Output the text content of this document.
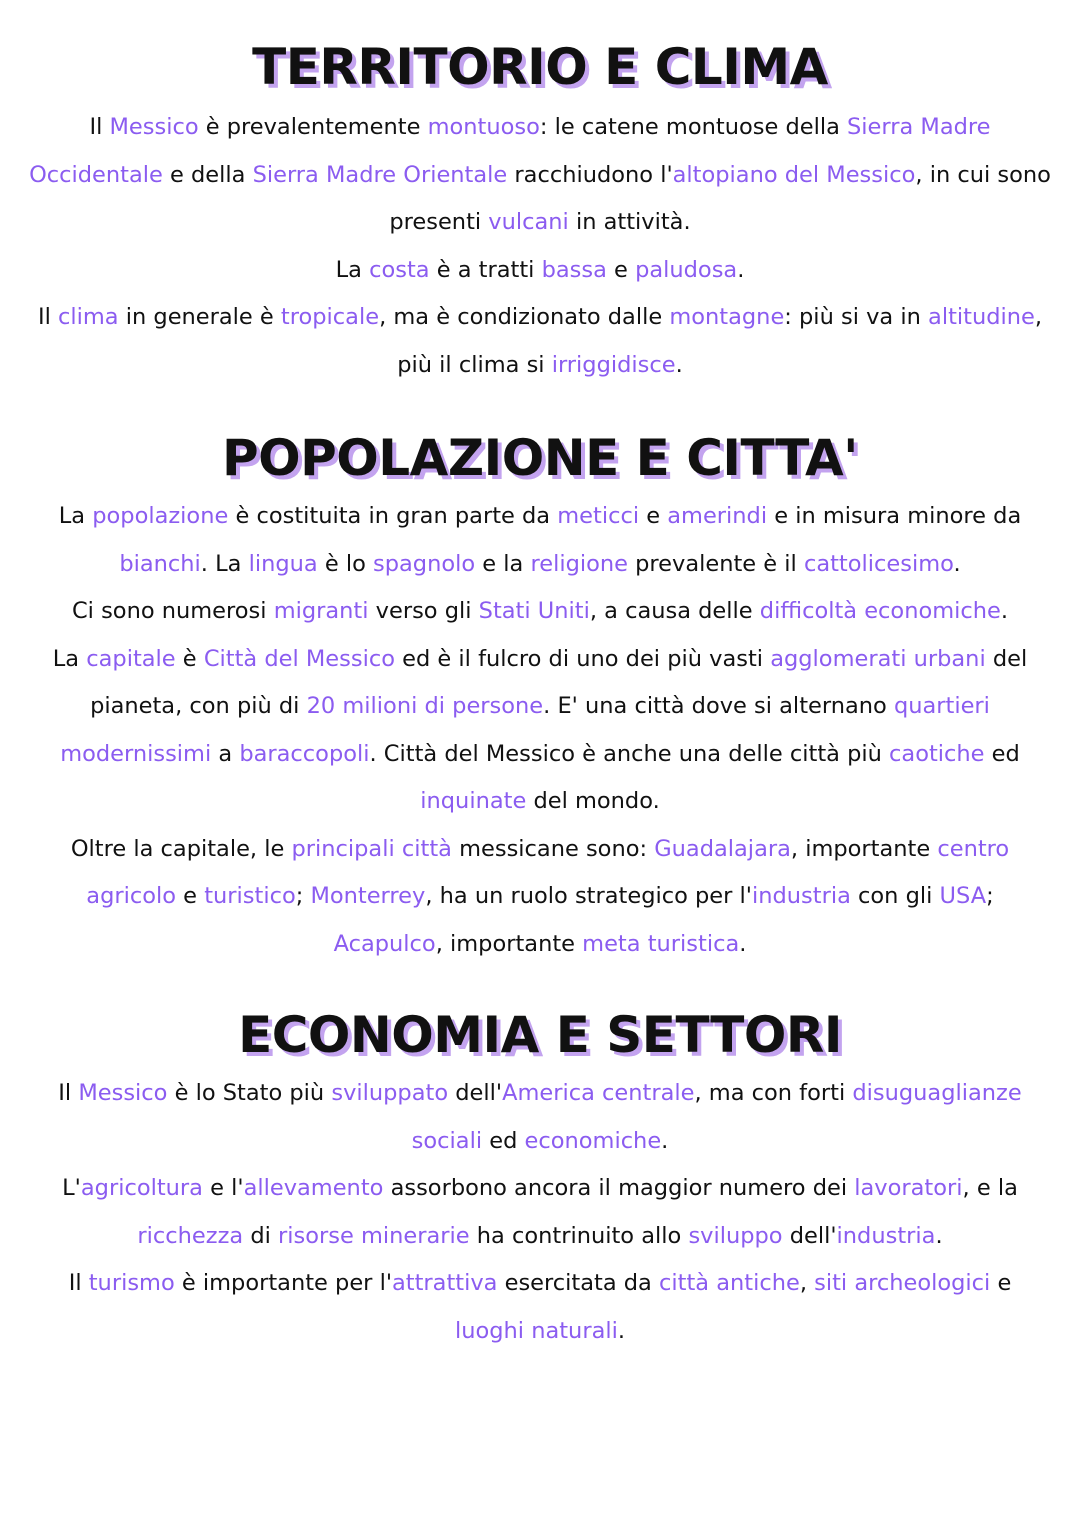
TERRITORIO E CLIMA
Il Messico è prevalentemente montuoso: le catene montuose della Sierra Madre
Occidentale e della Sierra Madre Orientale racchiudono l'altopiano del Messico, in cui sono
presenti vulcani in attività.
La costa è a tratti bassa e paludosa.
Il clima in generale è tropicale, ma è condizionato dalle montagne: più si va in altitudine,
più il clima si irriggidisce.
POPOLAZIONE E CITTA'
La popolazione è costituita in gran parte da meticci e amerindi e in misura minore da
bianchi. La lingua è lo spagnolo e la religione prevalente è il cattolicesimo.
Ci sono numerosi migranti verso gli Stati Uniti, a causa delle difficoltà economiche.
La capitale è Città del Messico ed è il fulcro di uno dei più vasti agglomerati urbani del
pianeta, con più di 20 milioni di persone. E' una città dove si alternano quartieri
modernissimi a baraccopoli. Città del Messico è anche una delle città più caotiche ed
inquinate del mondo.
Oltre la capitale, le principali città messicane sono: Guadalajara, importante centro
agricolo e turistico; Monterrey, ha un ruolo strategico per l'industria con gli USA;
Acapulco, importante meta turistica.
ECONOMIA E SETTORI
Il Messico è lo Stato più sviluppato dell'America centrale, ma con forti disuguaglianze
sociali ed economiche.
L'agricoltura e l'allevamento assorbono ancora il maggior numero dei lavoratori, e la
ricchezza di risorse minerarie ha contrinuito allo sviluppo dell'industria.
Il turismo è importante per l'attrattiva esercitata da città antiche, siti archeologici e
luoghi naturali.
